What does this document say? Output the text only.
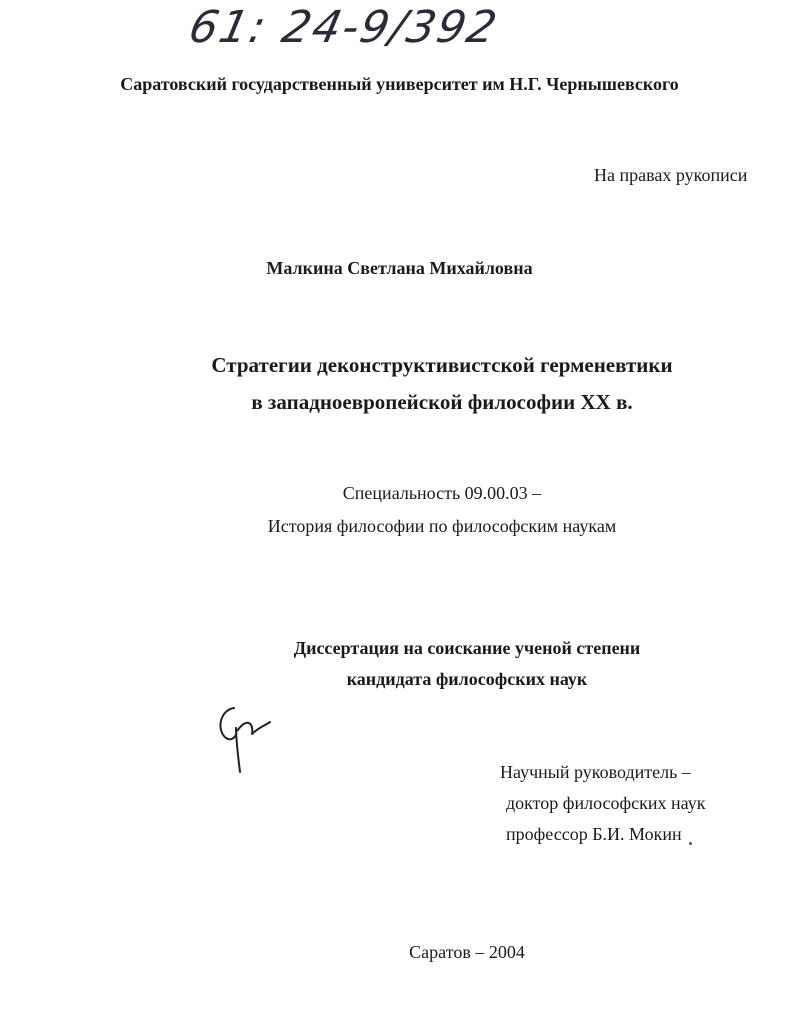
61: 24-9/392
Саратовский государственный университет им Н.Г. Чернышевского
На правах рукописи
Малкина Светлана Михайловна
Стратегии деконструктивистской герменевтики
в западноевропейской философии XX в.
Специальность 09.00.03 –
История философии по философским наукам
Диссертация на соискание ученой степени
кандидата философских наук
Научный руководитель –
доктор философских наук
профессор Б.И. Мокин
Саратов – 2004
